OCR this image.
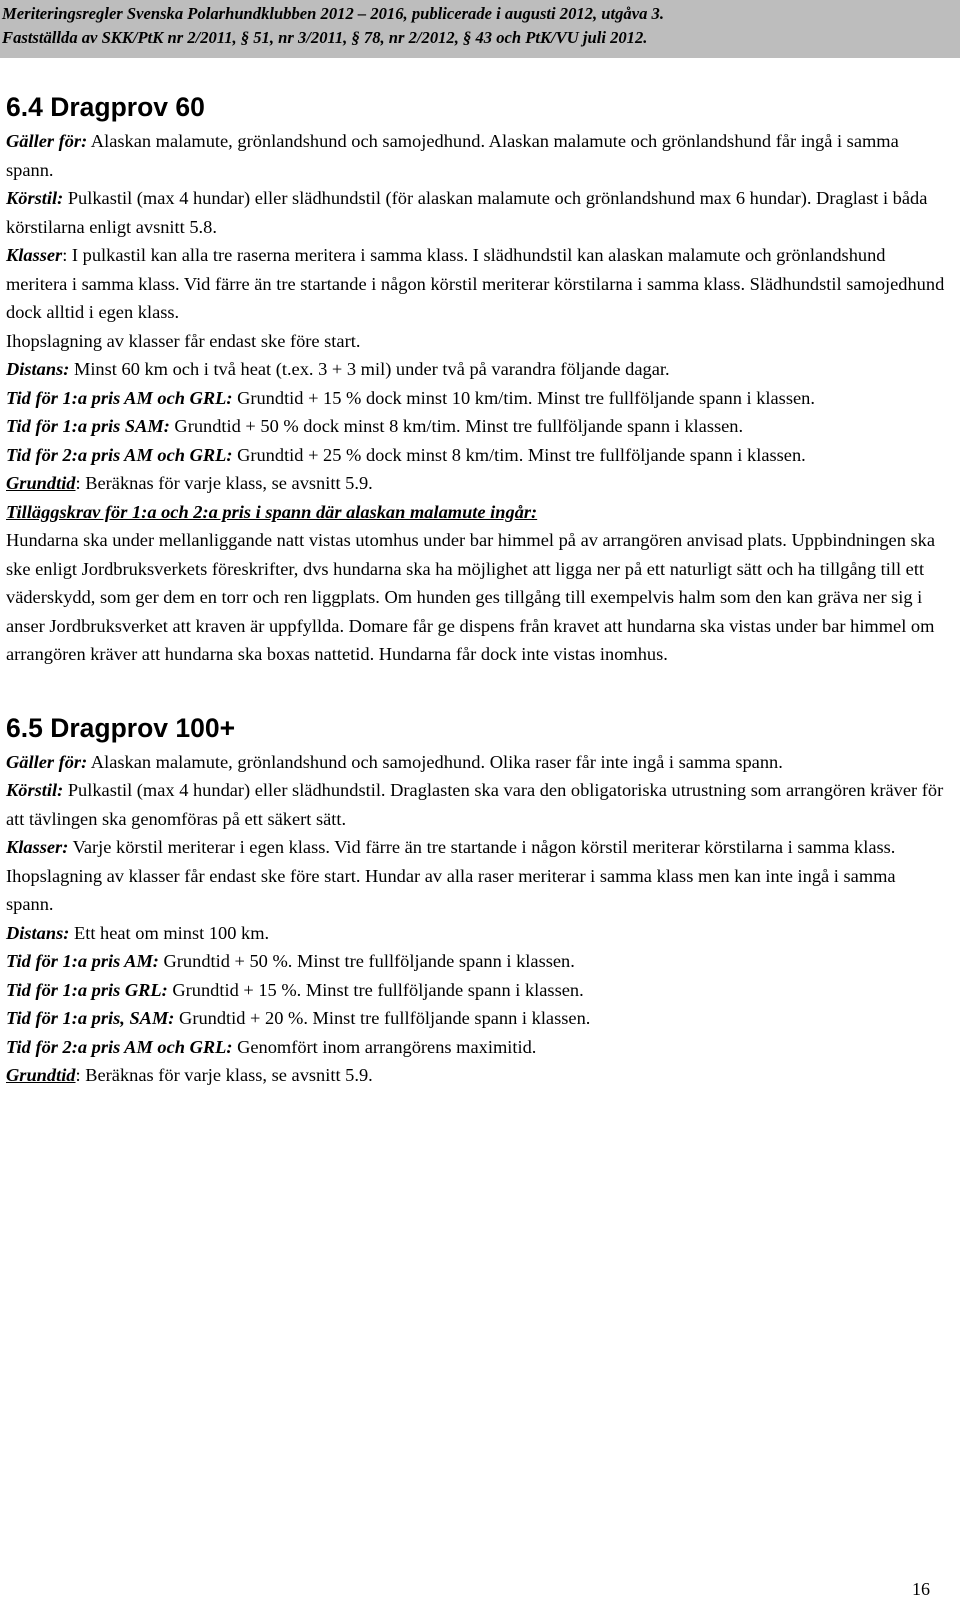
Meriteringsregler Svenska Polarhundklubben 2012 – 2016, publicerade i augusti 2012, utgåva 3.
Fastställda av SKK/PtK nr 2/2011, § 51, nr 3/2011, § 78, nr 2/2012, § 43 och PtK/VU juli 2012.
6.4 Dragprov 60

Gäller för: Alaskan malamute, grönlandshund och samojedhund. Alaskan malamute och grönlandshund får ingå i samma spann.

Körstil: Pulkastil (max 4 hundar) eller slädhundstil (för alaskan malamute och grönlandshund max 6 hundar). Draglast i båda körstilarna enligt avsnitt 5.8.

Klasser: I pulkastil kan alla tre raserna meritera i samma klass. I slädhundstil kan alaskan malamute och grönlandshund meritera i samma klass. Vid färre än tre startande i någon körstil meriterar körstilarna i samma klass. Slädhundstil samojedhund dock alltid i egen klass.

Ihopslagning av klasser får endast ske före start.

Distans: Minst 60 km och i två heat (t.ex. 3 + 3 mil) under två på varandra följande dagar.

Tid för 1:a pris AM och GRL: Grundtid + 15 % dock minst 10 km/tim. Minst tre fullföljande spann i klassen.

Tid för 1:a pris SAM: Grundtid + 50 % dock minst 8 km/tim. Minst tre fullföljande spann i klassen.

Tid för 2:a pris AM och GRL: Grundtid + 25 % dock minst 8 km/tim. Minst tre fullföljande spann i klassen.

Grundtid: Beräknas för varje klass, se avsnitt 5.9.

Tilläggskrav för 1:a och 2:a pris i spann där alaskan malamute ingår:

Hundarna ska under mellanliggande natt vistas utomhus under bar himmel på av arrangören anvisad plats. Uppbindningen ska ske enligt Jordbruksverkets föreskrifter, dvs hundarna ska ha möjlighet att ligga ner på ett naturligt sätt och ha tillgång till ett väderskydd, som ger dem en torr och ren liggplats. Om hunden ges tillgång till exempelvis halm som den kan gräva ner sig i anser Jordbruksverket att kraven är uppfyllda. Domare får ge dispens från kravet att hundarna ska vistas under bar himmel om arrangören kräver att hundarna ska boxas nattetid. Hundarna får dock inte vistas inomhus.

6.5 Dragprov 100+

Gäller för: Alaskan malamute, grönlandshund och samojedhund. Olika raser får inte ingå i samma spann.

Körstil: Pulkastil (max 4 hundar) eller slädhundstil. Draglasten ska vara den obligatoriska utrustning som arrangören kräver för att tävlingen ska genomföras på ett säkert sätt.

Klasser: Varje körstil meriterar i egen klass. Vid färre än tre startande i någon körstil meriterar körstilarna i samma klass. Ihopslagning av klasser får endast ske före start. Hundar av alla raser meriterar i samma klass men kan inte ingå i samma spann.

Distans: Ett heat om minst 100 km.

Tid för 1:a pris AM: Grundtid + 50 %. Minst tre fullföljande spann i klassen.

Tid för 1:a pris GRL: Grundtid + 15 %. Minst tre fullföljande spann i klassen.

Tid för 1:a pris, SAM: Grundtid + 20 %. Minst tre fullföljande spann i klassen.

Tid för 2:a pris AM och GRL: Genomfört inom arrangörens maximitid.

Grundtid: Beräknas för varje klass, se avsnitt 5.9.

16
